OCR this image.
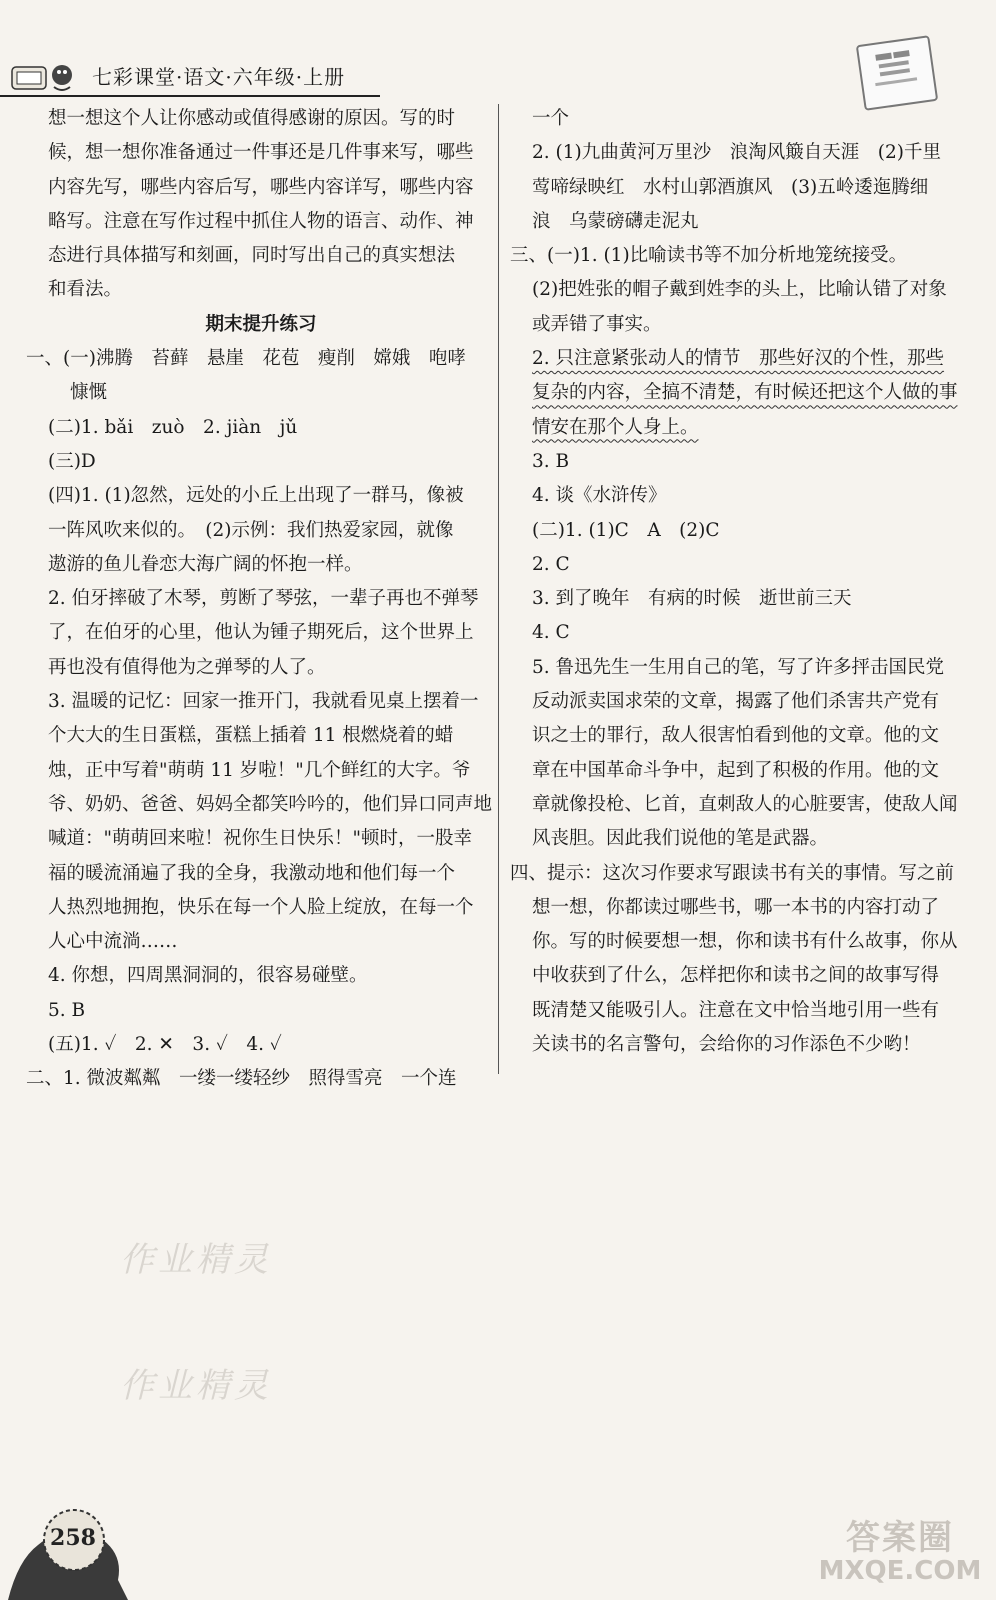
七彩课堂·语文·六年级·上册
想一想这个人让你感动或值得感谢的原因。写的时
候，想一想你准备通过一件事还是几件事来写，哪些
内容先写，哪些内容后写，哪些内容详写，哪些内容
略写。注意在写作过程中抓住人物的语言、动作、神
态进行具体描写和刻画，同时写出自己的真实想法
和看法。
期末提升练习
一、(一)沸腾　苔藓　悬崖　花苞　瘦削　嫦娥　咆哮
慷慨
(二)1. bǎi　zuò　2. jiàn　jǔ
(三)D
(四)1. (1)忽然，远处的小丘上出现了一群马，像被
一阵风吹来似的。　(2)示例：我们热爱家园，就像
遨游的鱼儿眷恋大海广阔的怀抱一样。
2. 伯牙摔破了木琴，剪断了琴弦，一辈子再也不弹琴
了，在伯牙的心里，他认为锺子期死后，这个世界上
再也没有值得他为之弹琴的人了。
3. 温暖的记忆：回家一推开门，我就看见桌上摆着一
个大大的生日蛋糕，蛋糕上插着 11 根燃烧着的蜡
烛，正中写着"萌萌 11 岁啦！"几个鲜红的大字。爷
爷、奶奶、爸爸、妈妈全都笑吟吟的，他们异口同声地
喊道："萌萌回来啦！祝你生日快乐！"顿时，一股幸
福的暖流涌遍了我的全身，我激动地和他们每一个
人热烈地拥抱，快乐在每一个人脸上绽放，在每一个
人心中流淌……
4. 你想，四周黑洞洞的，很容易碰壁。
5. B
(五)1. ✓　2. ✕　3. ✓　4. ✓
二、1. 微波粼粼　一缕一缕轻纱　照得雪亮　一个连
一个
2. (1)九曲黄河万里沙　浪淘风簸自天涯　(2)千里
莺啼绿映红　水村山郭酒旗风　(3)五岭逶迤腾细
浪　乌蒙磅礴走泥丸
三、(一)1. (1)比喻读书等不加分析地笼统接受。
(2)把姓张的帽子戴到姓李的头上，比喻认错了对象
或弄错了事实。
2. 只注意紧张动人的情节　那些好汉的个性，那些
复杂的内容，全搞不清楚，有时候还把这个人做的事
情安在那个人身上。
3. B
4. 谈《水浒传》
(二)1. (1)C　A　(2)C
2. C
3. 到了晚年　有病的时候　逝世前三天
4. C
5. 鲁迅先生一生用自己的笔，写了许多抨击国民党
反动派卖国求荣的文章，揭露了他们杀害共产党有
识之士的罪行，敌人很害怕看到他的文章。他的文
章在中国革命斗争中，起到了积极的作用。他的文
章就像投枪、匕首，直刺敌人的心脏要害，使敌人闻
风丧胆。因此我们说他的笔是武器。
四、提示：这次习作要求写跟读书有关的事情。写之前
想一想，你都读过哪些书，哪一本书的内容打动了
你。写的时候要想一想，你和读书有什么故事，你从
中收获到了什么，怎样把你和读书之间的故事写得
既清楚又能吸引人。注意在文中恰当地引用一些有
关读书的名言警句，会给你的习作添色不少哟！
作业精灵
作业精灵
258	答案圈
MXQE.COM
